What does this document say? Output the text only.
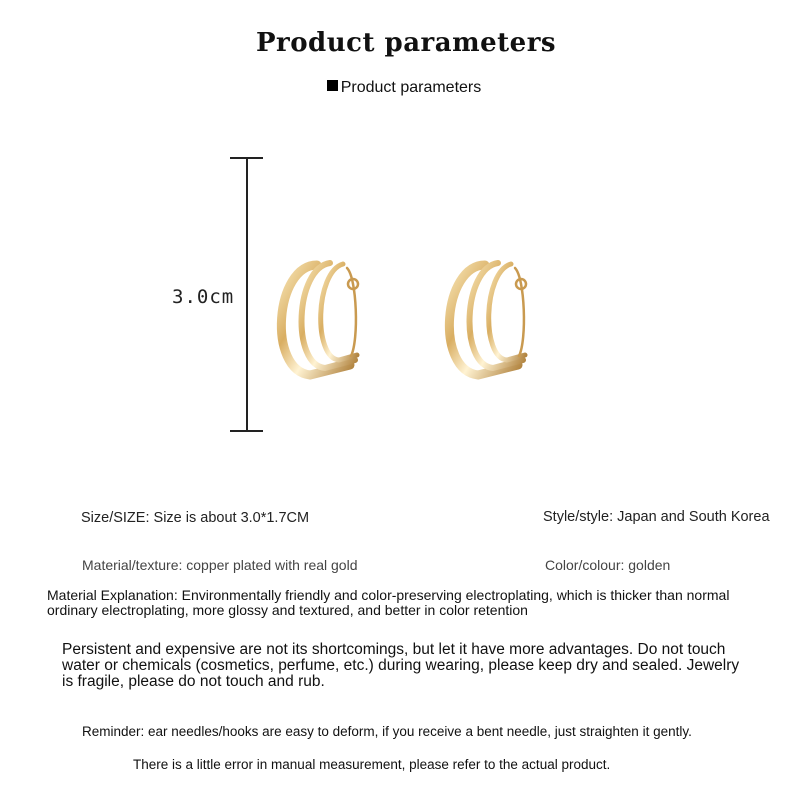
Product parameters
Product parameters
3.0cm
Size/SIZE: Size is about 3.0*1.7CM	Style/style: Japan and South Korea
Material/texture: copper plated with real gold	Color/colour: golden
Material Explanation: Environmentally friendly and color-preserving electroplating, which is thicker than normal ordinary electroplating, more glossy and textured, and better in color retention
Persistent and expensive are not its shortcomings, but let it have more advantages. Do not touch water or chemicals (cosmetics, perfume, etc.) during wearing, please keep dry and sealed. Jewelry is fragile, please do not touch and rub.
Reminder: ear needles/hooks are easy to deform, if you receive a bent needle, just straighten it gently.
There is a little error in manual measurement, please refer to the actual product.
